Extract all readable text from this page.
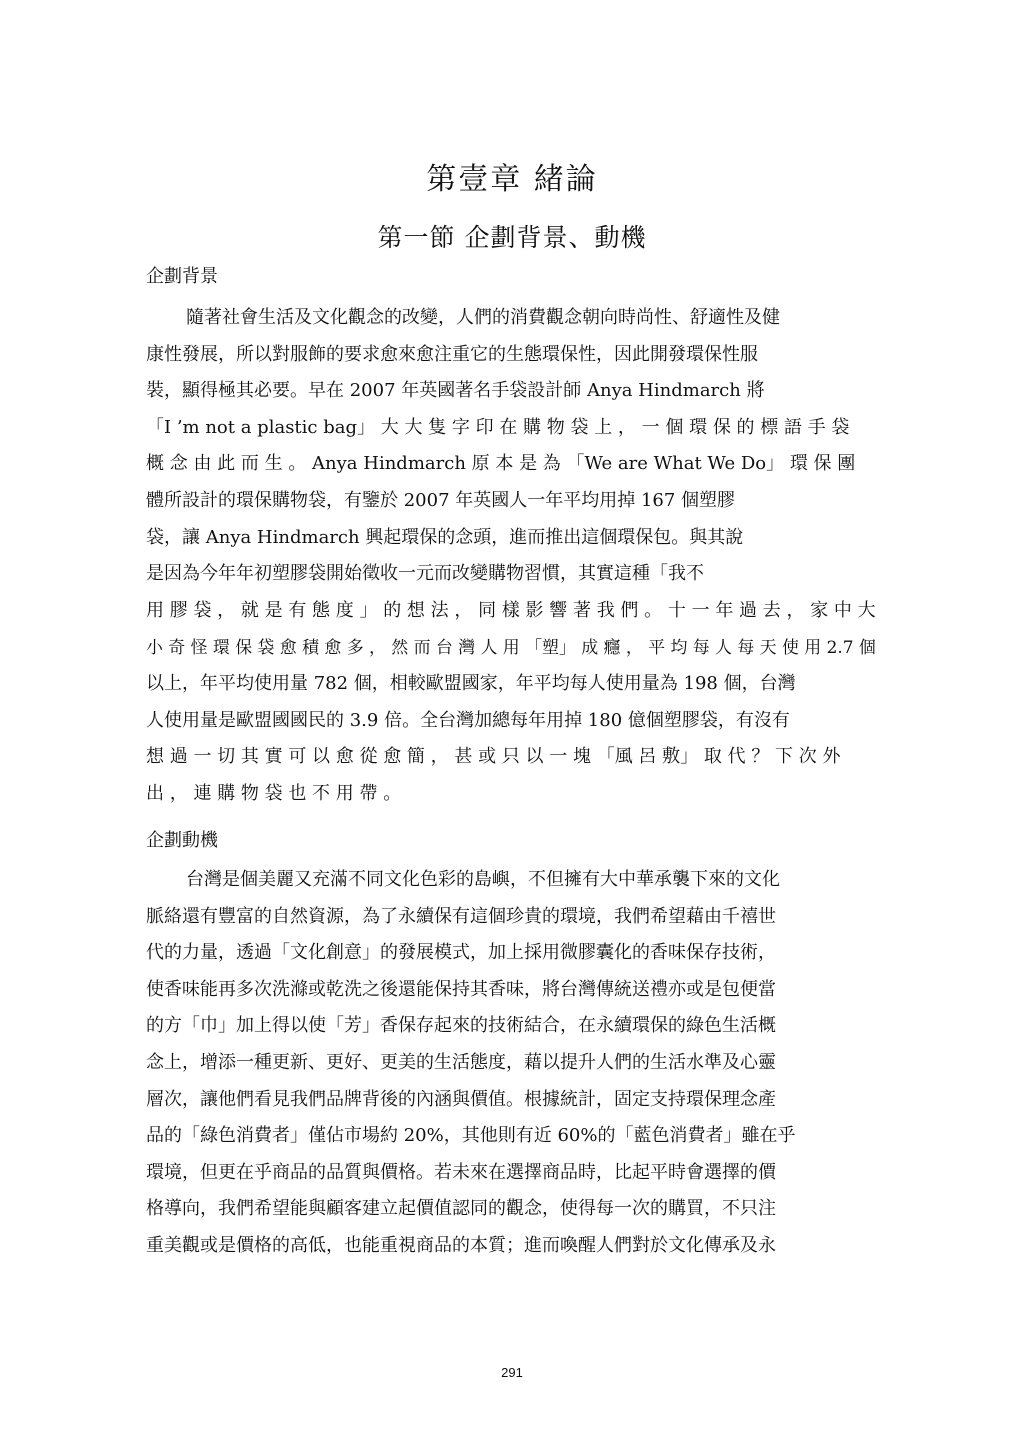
第壹章 緒論
第一節 企劃背景、動機
企劃背景
隨著社會生活及文化觀念的改變，人們的消費觀念朝向時尚性、舒適性及健
康性發展，所以對服飾的要求愈來愈注重它的生態環保性，因此開發環保性服
裝，顯得極其必要。早在 2007 年英國著名手袋設計師 Anya Hindmarch 將
「I ’m not a plastic bag」 大 大 隻 字 印 在 購 物 袋 上 ， 一 個 環 保 的 標 語 手 袋
概 念 由 此 而 生 。 Anya Hindmarch 原 本 是 為 「We are What We Do」 環 保 團
體所設計的環保購物袋，有鑒於 2007 年英國人一年平均用掉 167 個塑膠
袋，讓 Anya Hindmarch 興起環保的念頭，進而推出這個環保包。與其說
是因為今年年初塑膠袋開始徵收一元而改變購物習慣，其實這種「我不
用 膠 袋 ， 就 是 有 態 度 」 的 想 法 ， 同 樣 影 響 著 我 們 。 十 一 年 過 去 ， 家 中 大
小 奇 怪 環 保 袋 愈 積 愈 多 ， 然 而 台 灣 人 用 「塑」 成 癮 ， 平 均 每 人 每 天 使 用 2.7 個
以上，年平均使用量 782 個，相較歐盟國家，年平均每人使用量為 198 個，台灣
人使用量是歐盟國國民的 3.9 倍。全台灣加總每年用掉 180 億個塑膠袋，有沒有
想 過 一 切 其 實 可 以 愈 從 愈 簡 ， 甚 或 只 以 一 塊 「風 呂 敷」 取 代 ？ 下 次 外
出 ， 連 購 物 袋 也 不 用 帶 。
企劃動機
台灣是個美麗又充滿不同文化色彩的島嶼，不但擁有大中華承襲下來的文化
脈絡還有豐富的自然資源，為了永續保有這個珍貴的環境，我們希望藉由千禧世
代的力量，透過「文化創意」的發展模式，加上採用微膠囊化的香味保存技術，
使香味能再多次洗滌或乾洗之後還能保持其香味，將台灣傳統送禮亦或是包便當
的方「巾」加上得以使「芳」香保存起來的技術結合，在永續環保的綠色生活概
念上，增添一種更新、更好、更美的生活態度，藉以提升人們的生活水準及心靈
層次，讓他們看見我們品牌背後的內涵與價值。根據統計，固定支持環保理念產
品的「綠色消費者」僅佔市場約 20%，其他則有近 60%的「藍色消費者」雖在乎
環境，但更在乎商品的品質與價格。若未來在選擇商品時，比起平時會選擇的價
格導向，我們希望能與顧客建立起價值認同的觀念，使得每一次的購買，不只注
重美觀或是價格的高低，也能重視商品的本質；進而喚醒人們對於文化傳承及永
291
